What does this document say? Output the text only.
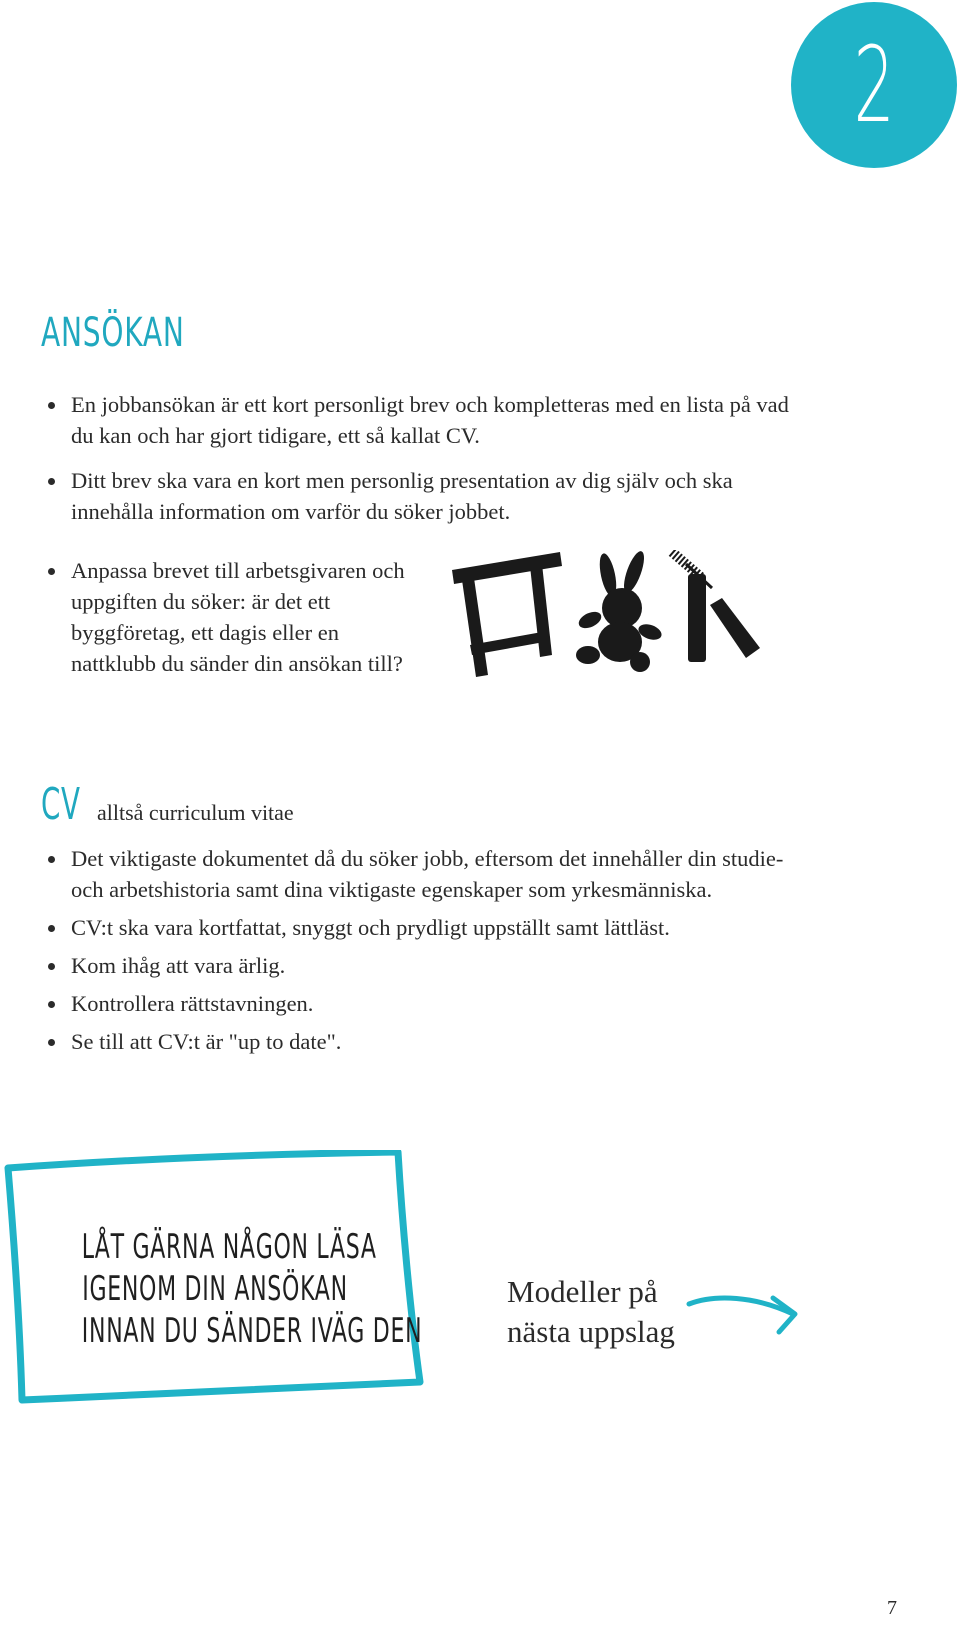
2
ANSÖKAN
En jobbansökan är ett kort personligt brev och kompletteras med en lista på vad du kan och har gjort tidigare, ett så kallat CV.
Ditt brev ska vara en kort men personlig presentation av dig själv och ska innehålla information om varför du söker jobbet.
Anpassa brevet till arbetsgivaren och uppgiften du söker: är det ett byggföretag, ett dagis eller en nattklubb du sänder din ansökan till?
CV alltså curriculum vitae
Det viktigaste dokumentet då du söker jobb, eftersom det innehåller din studie- och arbetshistoria samt dina viktigaste egenskaper som yrkesmänniska.
CV:t ska vara kortfattat, snyggt och prydligt uppställt samt lättläst.
Kom ihåg att vara ärlig.
Kontrollera rättstavningen.
Se till att CV:t är "up to date".
LÅT GÄRNA NÅGON LÄSA
IGENOM DIN ANSÖKAN
INNAN DU SÄNDER IVÄG DEN
Modeller på
nästa uppslag
7
